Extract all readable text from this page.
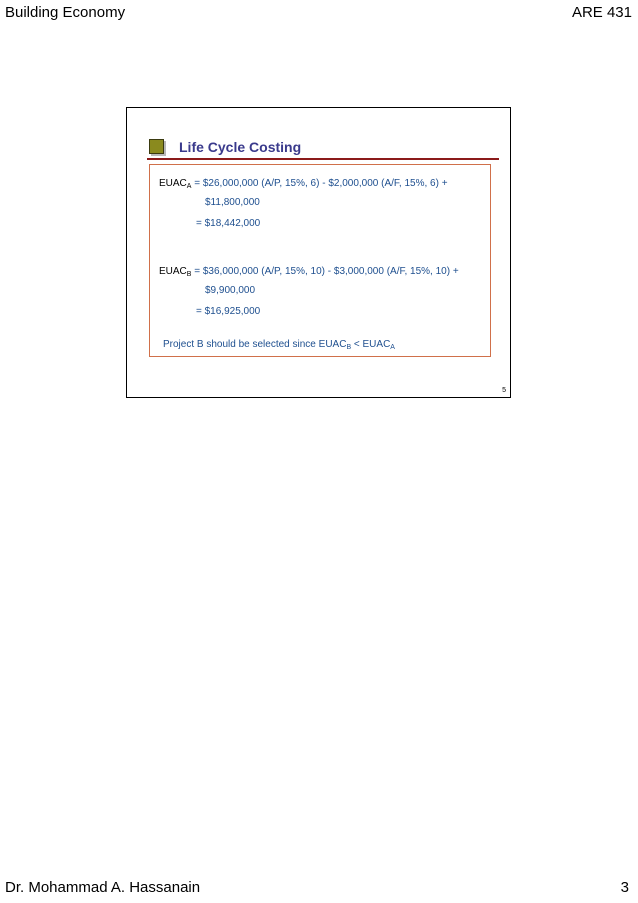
Building Economy	ARE 431
Life Cycle Costing
$EUAC_A$ = $26,000,000 (A/P, 15%, 6) - $2,000,000 (A/F, 15%, 6) +
$11,800,000
= $18,442,000
$EUAC_B$ = $36,000,000 (A/P, 15%, 10) - $3,000,000 (A/F, 15%, 10) +
$9,900,000
= $16,925,000
Project B should be selected since $EUAC_B$ < $EUAC_A$
5
Dr. Mohammad A. Hassanain	3
